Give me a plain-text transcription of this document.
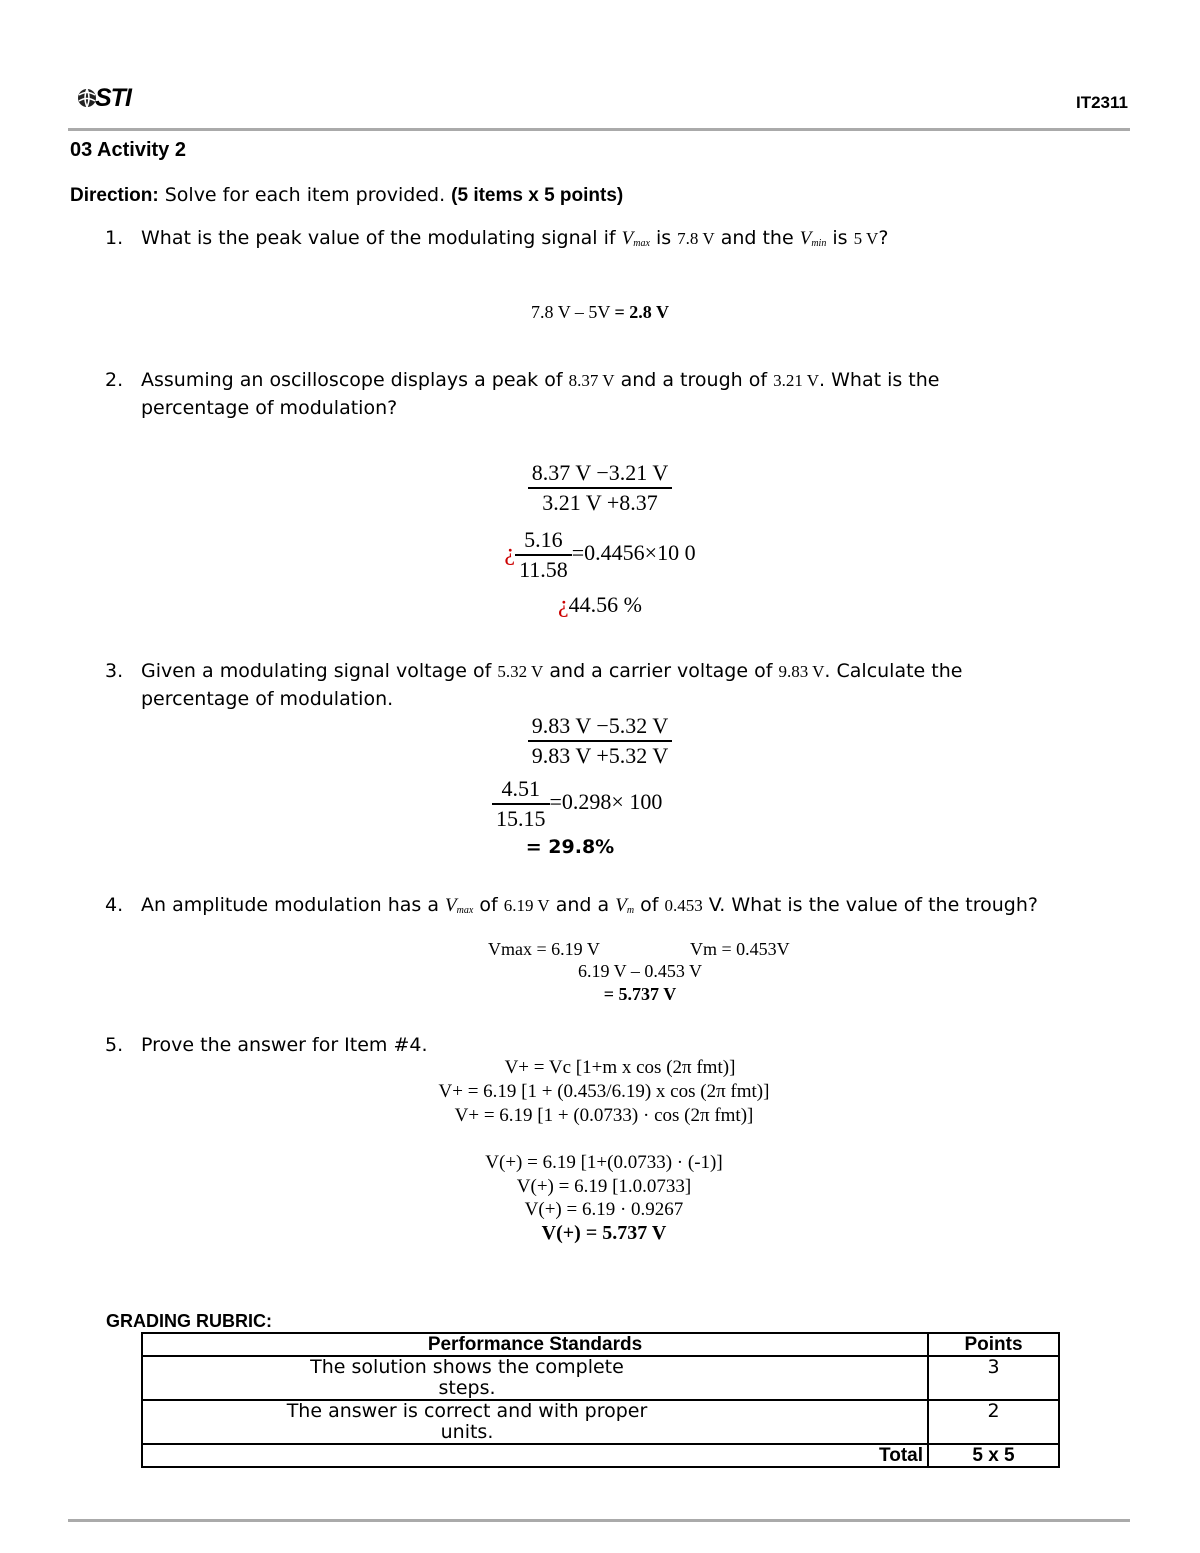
STI	IT2311
03 Activity 2
Direction: Solve for each item provided. (5 items x 5 points)
1. What is the peak value of the modulating signal if $V_{max}$ is 7.8 V and the $V_{min}$ is 5 V?
7.8 V – 5V = 2.8 V
2. Assuming an oscilloscope displays a peak of 8.37 V and a trough of 3.21 V. What is the
percentage of modulation?
$\frac{8.37 V -3.21 V}{3.21 V +8.37}$
¿ $\frac{5.16}{11.58} =0.4456\times 10$ 0
¿44.56 %
3. Given a modulating signal voltage of 5.32 V and a carrier voltage of 9.83 V. Calculate the
percentage of modulation.
$\frac{9.83 V -5.32 V}{9.83 V +5.32 V}$
$\frac{4.51}{15.15} =0.298\times 100$
= 29.8%
4. An amplitude modulation has a $V_{max}$ of 6.19 V and a $V_m$ of 0.453 V. What is the value of the trough?
Vmax = 6.19 V	Vm = 0.453V
6.19 V – 0.453 V
= 5.737 V
5. Prove the answer for Item #4.
V+ = Vc [1+m x cos (2π fmt)]
V+ = 6.19 [1 + (0.453/6.19) x cos (2π fmt)]
V+ = 6.19 [1 + (0.0733) · cos (2π fmt)]
V(+) = 6.19 [1+(0.0733) · (-1)]
V(+) = 6.19 [1.0.0733]
V(+) = 6.19 · 0.9267
V(+) = 5.737 V
GRADING RUBRIC:
Performance Standards	Points

The solution shows the complete
steps.	3

The answer is correct and with proper
units.	2
Total	5 x 5
